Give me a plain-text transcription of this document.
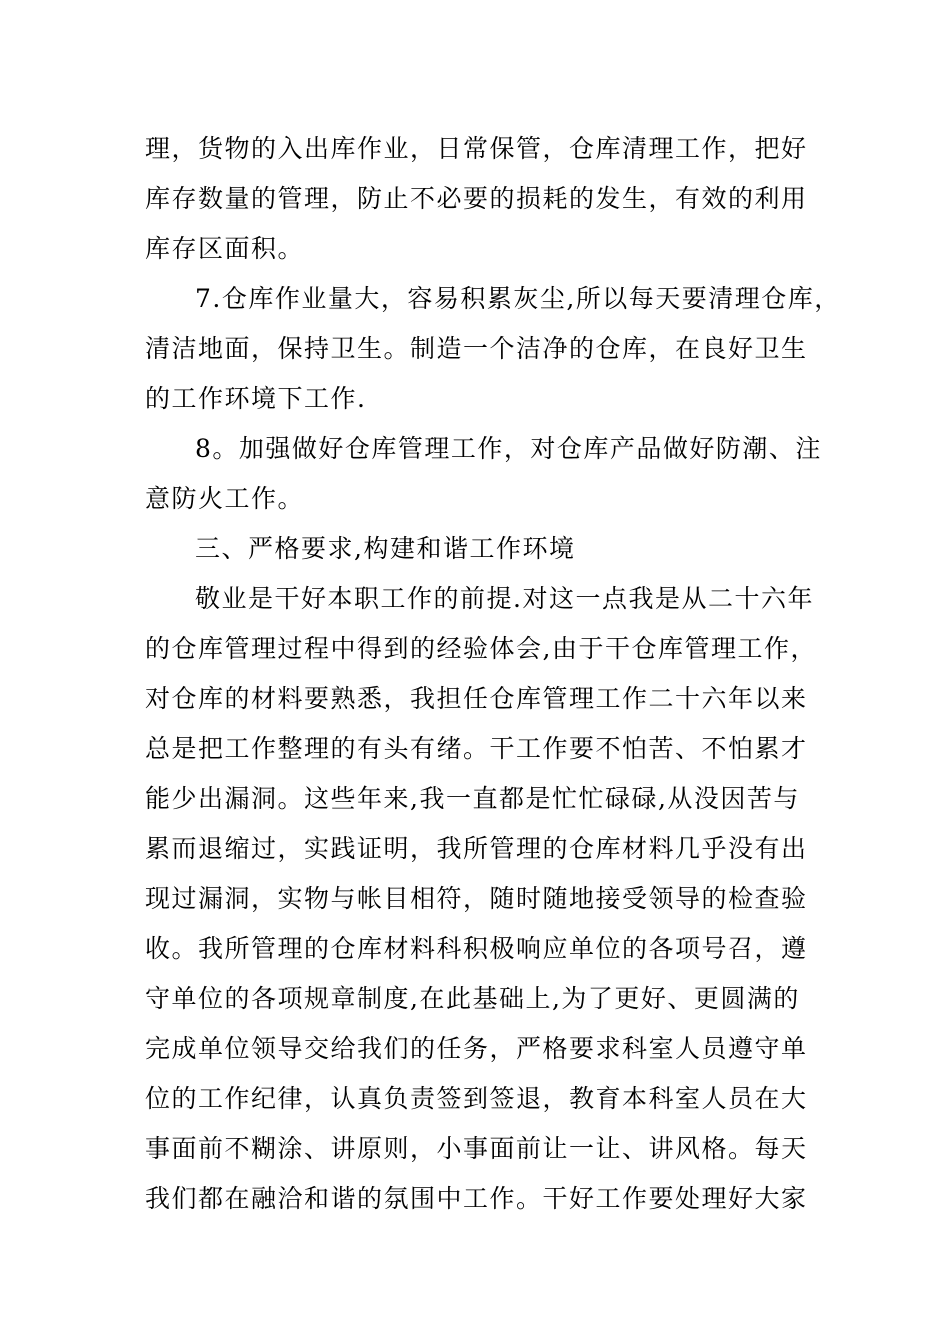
理，货物的入出库作业，日常保管，仓库清理工作，把好
库存数量的管理，防止不必要的损耗的发生，有效的利用
库存区面积。
7.仓库作业量大，容易积累灰尘,所以每天要清理仓库，
清洁地面，保持卫生。制造一个洁净的仓库，在良好卫生
的工作环境下工作.
8。加强做好仓库管理工作，对仓库产品做好防潮、注
意防火工作。
三、严格要求,构建和谐工作环境
敬业是干好本职工作的前提.对这一点我是从二十六年
的仓库管理过程中得到的经验体会,由于干仓库管理工作，
对仓库的材料要熟悉，我担任仓库管理工作二十六年以来
总是把工作整理的有头有绪。干工作要不怕苦、不怕累才
能少出漏洞。这些年来,我一直都是忙忙碌碌,从没因苦与
累而退缩过，实践证明，我所管理的仓库材料几乎没有出
现过漏洞，实物与帐目相符，随时随地接受领导的检查验
收。我所管理的仓库材料科积极响应单位的各项号召，遵
守单位的各项规章制度,在此基础上,为了更好、更圆满的
完成单位领导交给我们的任务，严格要求科室人员遵守单
位的工作纪律，认真负责签到签退，教育本科室人员在大
事面前不糊涂、讲原则，小事面前让一让、讲风格。每天
我们都在融洽和谐的氛围中工作。干好工作要处理好大家
